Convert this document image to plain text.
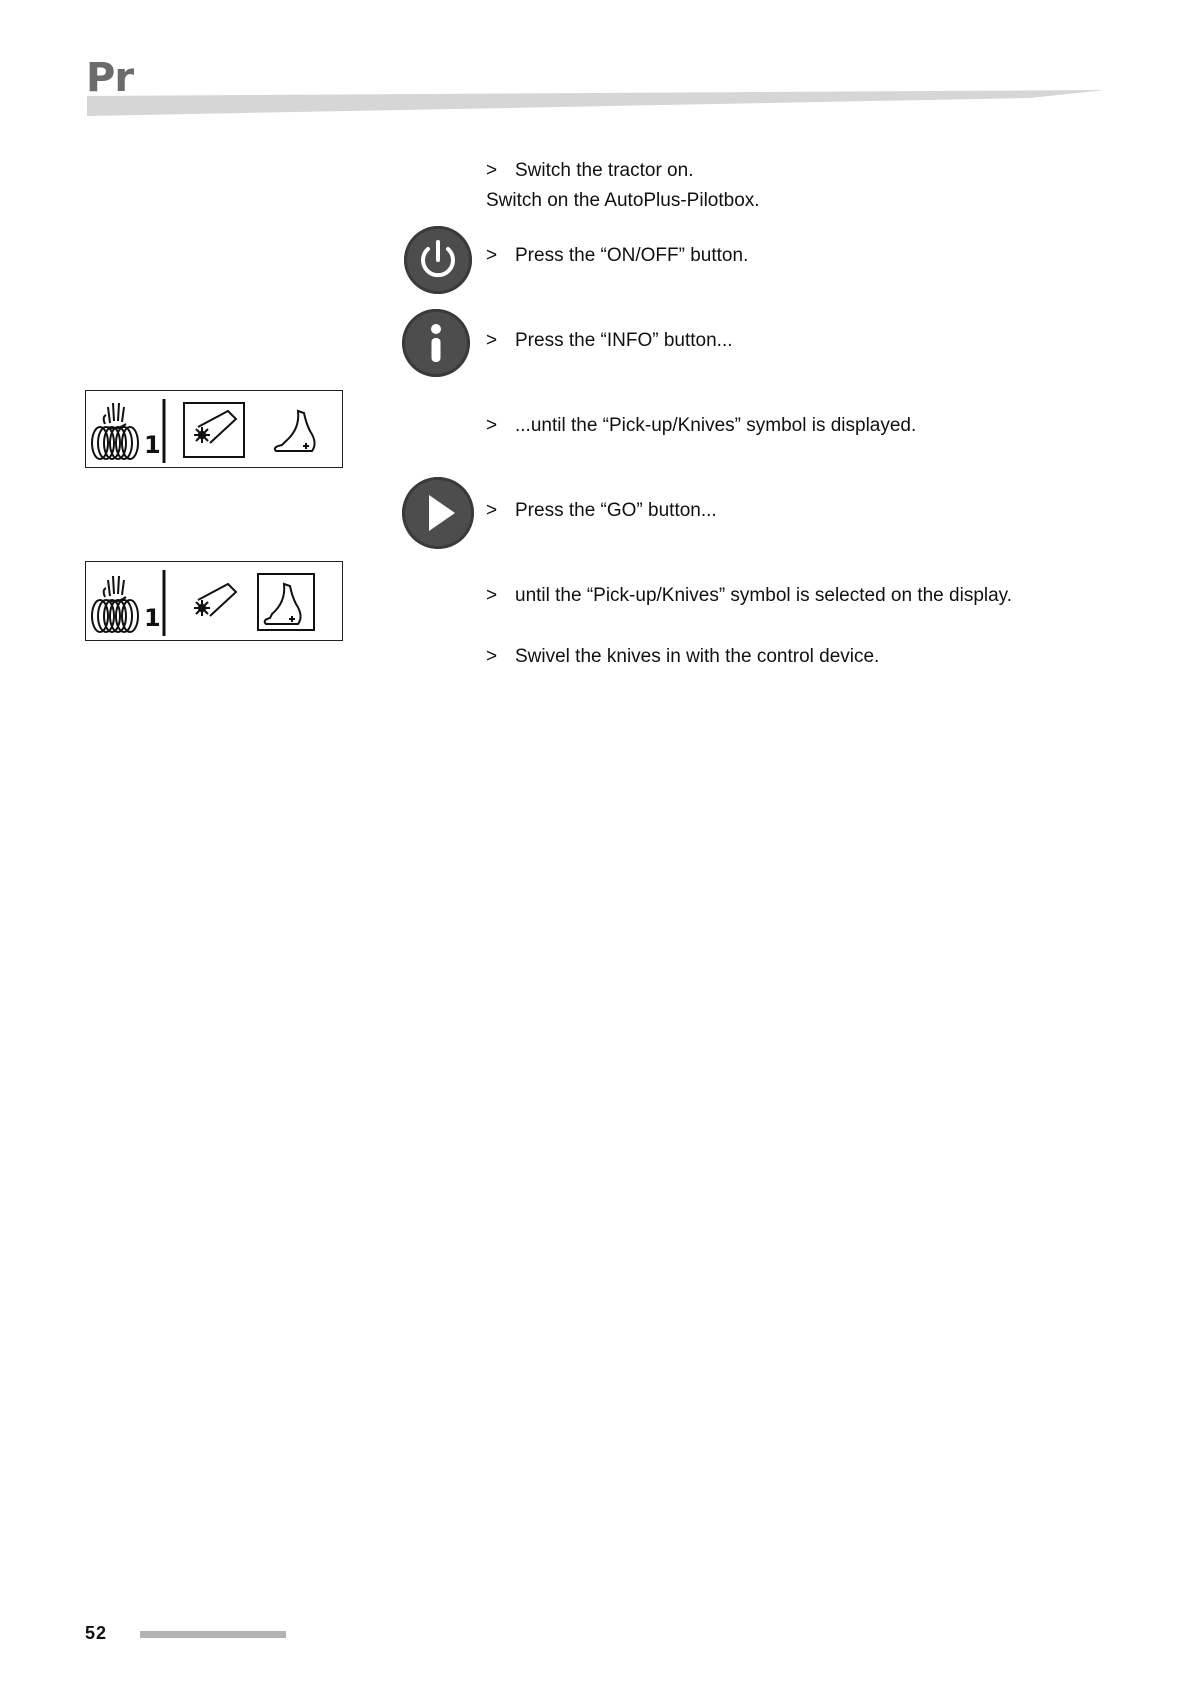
Pr
> Switch the tractor on.
Switch on the AutoPlus-Pilotbox.
> Press the “ON/OFF” button.
> Press the “INFO” button...
> ...until the “Pick-up/Knives” symbol is displayed.
> Press the “GO” button...
> until the “Pick-up/Knives” symbol is selected on the display.
> Swivel the knives in with the control device.
1
1
52
